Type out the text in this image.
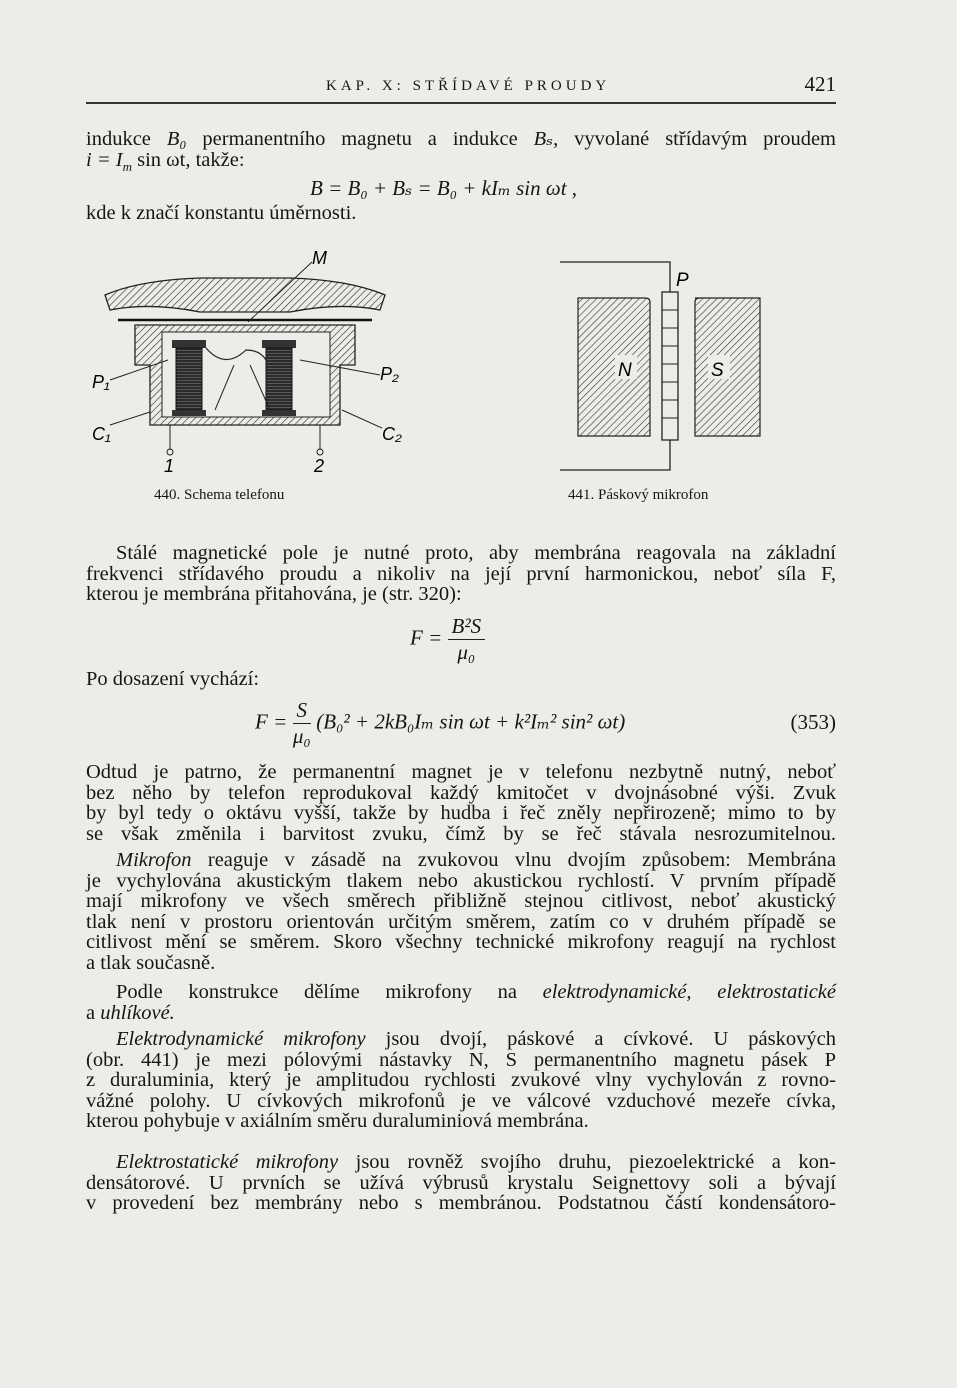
KAP. X: STŘÍDAVÉ PROUDY	421
indukce B₀ permanentního magnetu a indukce Bₛ, vyvolané střídavým proudem
$i = I_m$ sin ωt, takže:
B = B₀ + Bₛ = B₀ + kIₘ sin ωt ,
kde k značí konstantu úměrnosti.
M
P₁	P₂
C₁	C₂
1	2
440. Schema telefonu
N	S
P
441. Páskový mikrofon
Stálé magnetické pole je nutné proto, aby membrána reagovala na základní
frekvenci střídavého proudu a nikoliv na její první harmonickou, neboť síla F,
kterou je membrána přitahována, je (str. 320):
$F = \frac{\text{B²S}}{\text{μ₀}}$
Po dosazení vychází:
$F = \frac{S}{\text{μ₀}} (B_0^2 + 2kB_0I_m$ sin ωt + k²Iₘ² sin² ωt)	(353)
Odtud je patrno, že permanentní magnet je v telefonu nezbytně nutný, neboť
bez něho by telefon reprodukoval každý kmitočet v dvojnásobné výši. Zvuk
by byl tedy o oktávu vyšší, takže by hudba i řeč zněly nepřirozeně; mimo to by
se však změnila i barvitost zvuku, čímž by se řeč stávala nesrozumitelnou.
Mikrofon reaguje v zásadě na zvukovou vlnu dvojím způsobem: Membrána
je vychylována akustickým tlakem nebo akustickou rychlostí. V prvním případě
mají mikrofony ve všech směrech přibližně stejnou citlivost, neboť akustický
tlak není v prostoru orientován určitým směrem, zatím co v druhém případě se
citlivost mění se směrem. Skoro všechny technické mikrofony reagují na rychlost
a tlak současně.
Podle konstrukce dělíme mikrofony na elektrodynamické, elektrostatické
a uhlíkové.
Elektrodynamické mikrofony jsou dvojí, páskové a cívkové. U páskových
(obr. 441) je mezi pólovými nástavky N, S permanentního magnetu pásek P
z duraluminia, který je amplitudou rychlosti zvukové vlny vychylován z rovno-
vážné polohy. U cívkových mikrofonů je ve válcové vzduchové mezeře cívka,
kterou pohybuje v axiálním směru duraluminiová membrána.
Elektrostatické mikrofony jsou rovněž svojího druhu, piezoelektrické a kon-
densátorové. U prvních se užívá výbrusů krystalu Seignettovy soli a bývají
v provedení bez membrány nebo s membránou. Podstatnou částí kondensátoro-
